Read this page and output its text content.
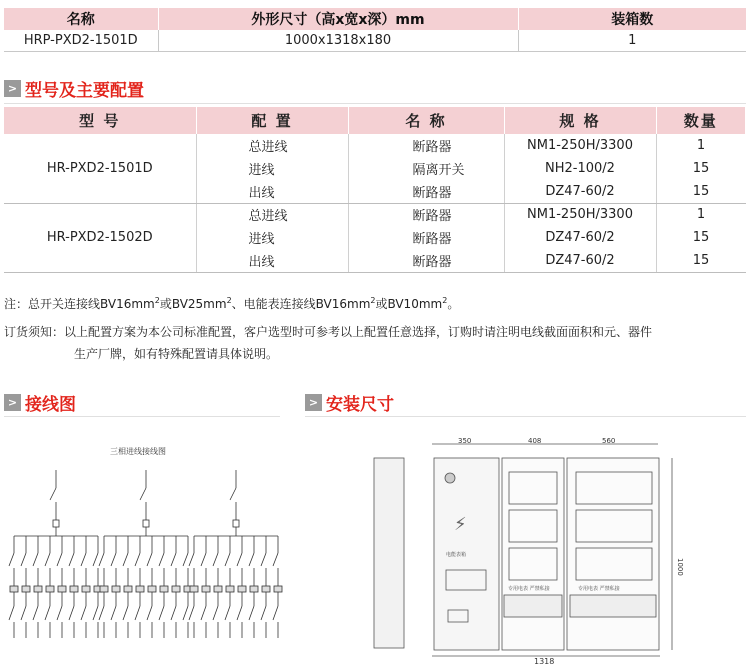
名称	外形尺寸（高x宽x深）mm	装箱数
HRP-PXD2-1501D	1000x1318x180	1
> 型号及主要配置
型 号	配 置	名 称	规 格	数量
HR-PXD2-1501D	总进线	断路器	NM1-250H/3300	1
	进线	隔离开关	NH2-100/2	15
	出线	断路器	DZ47-60/2	15
HR-PXD2-1502D	总进线	断路器	NM1-250H/3300	1
	进线	断路器	DZ47-60/2	15
	出线	断路器	DZ47-60/2	15
注：总开关连接线$BV16mm^2$或$BV25mm^2$、电能表连接线$BV16mm^2$或$BV10mm^2$。
订货须知：以上配置方案为本公司标准配置，客户选型时可参考以上配置任意选择，订购时请注明电线截面面积和元、器件
生产厂牌，如有特殊配置请具体说明。
> 接线图	> 安装尺寸
三相进线接线图
⚡
350	408	560
1000
1318
电能表箱
专用电表 严禁私接	专用电表 严禁私接
